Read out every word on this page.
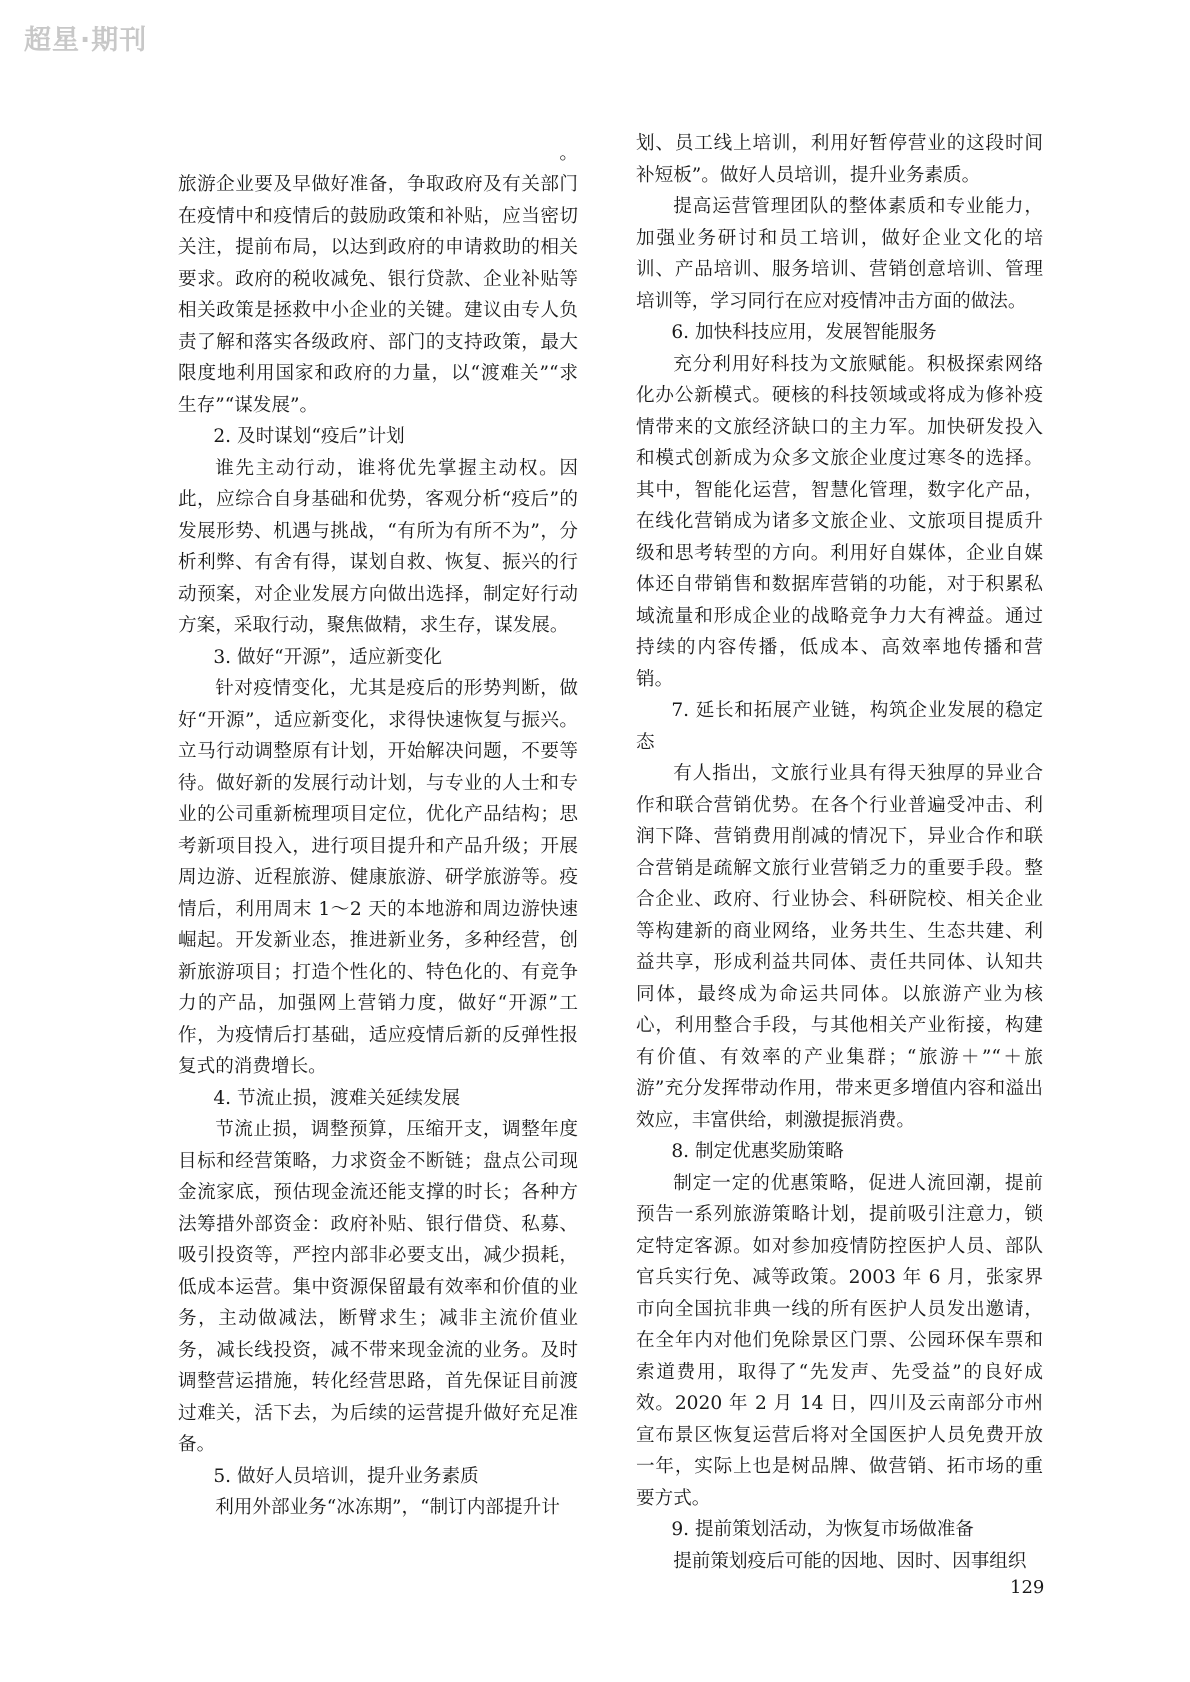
超星·期刊

。

旅游企业要及早做好准备，争取政府及有关部门在疫情中和疫情后的鼓励政策和补贴，应当密切关注，提前布局，以达到政府的申请救助的相关要求。政府的税收减免、银行贷款、企业补贴等相关政策是拯救中小企业的关键。建议由专人负责了解和落实各级政府、部门的支持政策，最大限度地利用国家和政府的力量，以“渡难关”“求生存”“谋发展”。

2. 及时谋划“疫后”计划

谁先主动行动，谁将优先掌握主动权。因此，应综合自身基础和优势，客观分析“疫后”的发展形势、机遇与挑战，“有所为有所不为”，分析利弊、有舍有得，谋划自救、恢复、振兴的行动预案，对企业发展方向做出选择，制定好行动方案，采取行动，聚焦做精，求生存，谋发展。

3. 做好“开源”，适应新变化

针对疫情变化，尤其是疫后的形势判断，做好“开源”，适应新变化，求得快速恢复与振兴。立马行动调整原有计划，开始解决问题，不要等待。做好新的发展行动计划，与专业的人士和专业的公司重新梳理项目定位，优化产品结构；思考新项目投入，进行项目提升和产品升级；开展周边游、近程旅游、健康旅游、研学旅游等。疫情后，利用周末 1～2 天的本地游和周边游快速崛起。开发新业态，推进新业务，多种经营，创新旅游项目；打造个性化的、特色化的、有竞争力的产品，加强网上营销力度，做好“开源”工作，为疫情后打基础，适应疫情后新的反弹性报复式的消费增长。

4. 节流止损，渡难关延续发展

节流止损，调整预算，压缩开支，调整年度目标和经营策略，力求资金不断链；盘点公司现金流家底，预估现金流还能支撑的时长；各种方法筹措外部资金：政府补贴、银行借贷、私募、吸引投资等，严控内部非必要支出，减少损耗，低成本运营。集中资源保留最有效率和价值的业务，主动做减法，断臂求生；减非主流价值业务，减长线投资，减不带来现金流的业务。及时调整营运措施，转化经营思路，首先保证目前渡过难关，活下去，为后续的运营提升做好充足准备。

5. 做好人员培训，提升业务素质

利用外部业务“冰冻期”，“制订内部提升计

划、员工线上培训，利用好暂停营业的这段时间补短板”。做好人员培训，提升业务素质。

提高运营管理团队的整体素质和专业能力，加强业务研讨和员工培训，做好企业文化的培训、产品培训、服务培训、营销创意培训、管理培训等，学习同行在应对疫情冲击方面的做法。

6. 加快科技应用，发展智能服务

充分利用好科技为文旅赋能。积极探索网络化办公新模式。硬核的科技领域或将成为修补疫情带来的文旅经济缺口的主力军。加快研发投入和模式创新成为众多文旅企业度过寒冬的选择。其中，智能化运营，智慧化管理，数字化产品，在线化营销成为诸多文旅企业、文旅项目提质升级和思考转型的方向。利用好自媒体，企业自媒体还自带销售和数据库营销的功能，对于积累私域流量和形成企业的战略竞争力大有裨益。通过持续的内容传播，低成本、高效率地传播和营销。

7. 延长和拓展产业链，构筑企业发展的稳定态

有人指出，文旅行业具有得天独厚的异业合作和联合营销优势。在各个行业普遍受冲击、利润下降、营销费用削减的情况下，异业合作和联合营销是疏解文旅行业营销乏力的重要手段。整合企业、政府、行业协会、科研院校、相关企业等构建新的商业网络，业务共生、生态共建、利益共享，形成利益共同体、责任共同体、认知共同体，最终成为命运共同体。以旅游产业为核心，利用整合手段，与其他相关产业衔接，构建有价值、有效率的产业集群；“旅游＋”“＋旅游”充分发挥带动作用，带来更多增值内容和溢出效应，丰富供给，刺激提振消费。

8. 制定优惠奖励策略

制定一定的优惠策略，促进人流回潮，提前预告一系列旅游策略计划，提前吸引注意力，锁定特定客源。如对参加疫情防控医护人员、部队官兵实行免、减等政策。2003 年 6 月，张家界市向全国抗非典一线的所有医护人员发出邀请，在全年内对他们免除景区门票、公园环保车票和索道费用，取得了“先发声、先受益”的良好成效。2020 年 2 月 14 日，四川及云南部分市州宣布景区恢复运营后将对全国医护人员免费开放一年，实际上也是树品牌、做营销、拓市场的重要方式。

9. 提前策划活动，为恢复市场做准备

提前策划疫后可能的因地、因时、因事组织

129
